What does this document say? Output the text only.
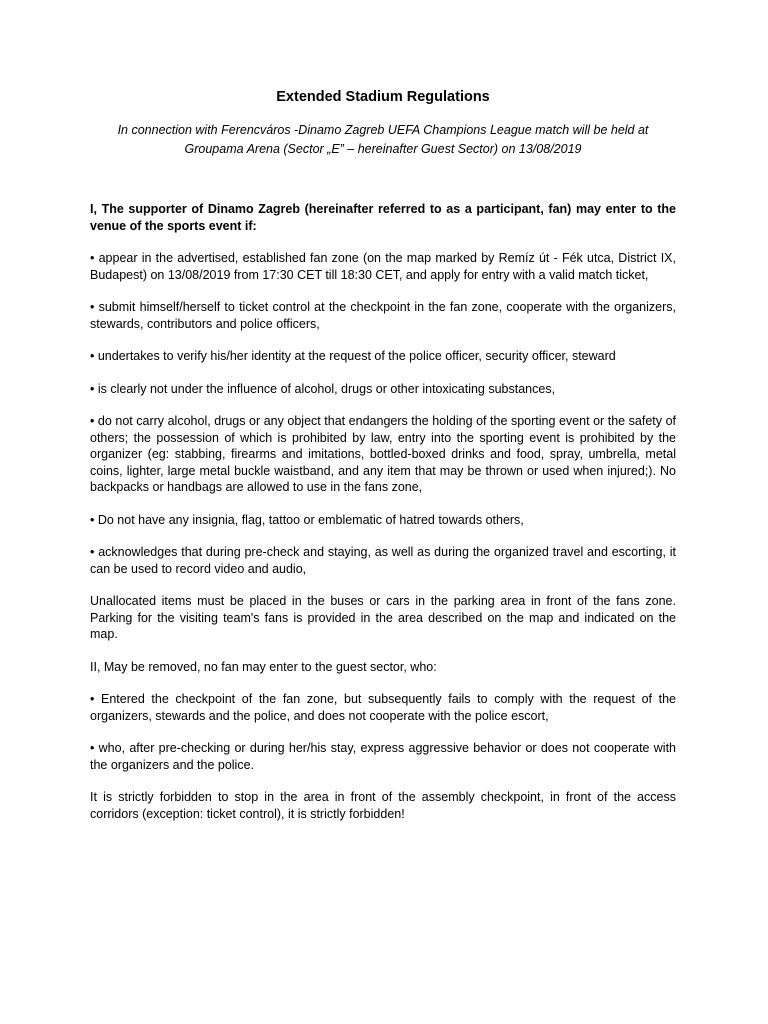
Extended Stadium Regulations
In connection with Ferencváros -Dinamo Zagreb UEFA Champions League match will be held at
Groupama Arena (Sector „E” – hereinafter Guest Sector) on 13/08/2019

I, The supporter of Dinamo Zagreb (hereinafter referred to as a participant, fan) may enter to the venue of the sports event if:

• appear in the advertised, established fan zone (on the map marked by Remíz út - Fék utca, District IX, Budapest) on 13/08/2019 from 17:30 CET till 18:30 CET, and apply for entry with a valid match ticket,

• submit himself/herself to ticket control at the checkpoint in the fan zone, cooperate with the organizers, stewards, contributors and police officers,

• undertakes to verify his/her identity at the request of the police officer, security officer, steward

• is clearly not under the influence of alcohol, drugs or other intoxicating substances,

• do not carry alcohol, drugs or any object that endangers the holding of the sporting event or the safety of others; the possession of which is prohibited by law, entry into the sporting event is prohibited by the organizer (eg: stabbing, firearms and imitations, bottled-boxed drinks and food, spray, umbrella, metal coins, lighter, large metal buckle waistband, and any item that may be thrown or used when injured;). No backpacks or handbags are allowed to use in the fans zone,

• Do not have any insignia, flag, tattoo or emblematic of hatred towards others,

• acknowledges that during pre-check and staying, as well as during the organized travel and escorting, it can be used to record video and audio,

Unallocated items must be placed in the buses or cars in the parking area in front of the fans zone. Parking for the visiting team's fans is provided in the area described on the map and indicated on the map.

II, May be removed, no fan may enter to the guest sector, who:

• Entered the checkpoint of the fan zone, but subsequently fails to comply with the request of the organizers, stewards and the police, and does not cooperate with the police escort,

• who, after pre-checking or during her/his stay, express aggressive behavior or does not cooperate with the organizers and the police.

It is strictly forbidden to stop in the area in front of the assembly checkpoint, in front of the access corridors (exception: ticket control), it is strictly forbidden!
